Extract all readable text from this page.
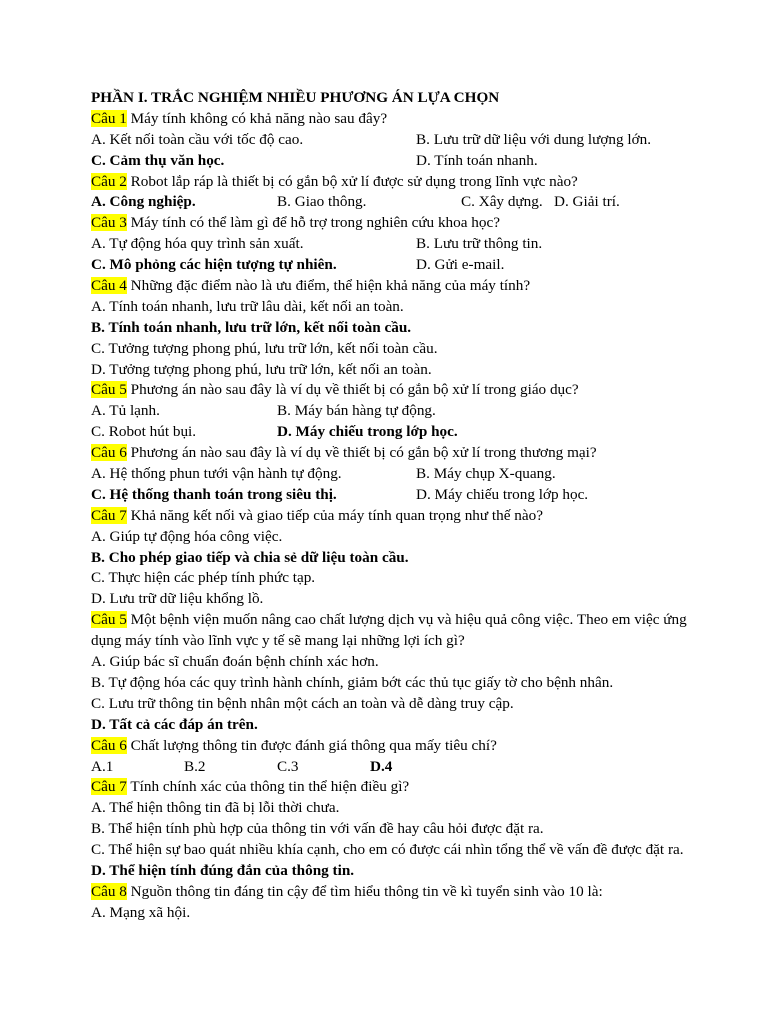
PHẦN I. TRẮC NGHIỆM NHIỀU PHƯƠNG ÁN LỰA CHỌN
Câu 1 Máy tính không có khả năng nào sau đây?
A. Kết nối toàn cầu với tốc độ cao.	B. Lưu trữ dữ liệu với dung lượng lớn.
C. Cảm thụ văn học.	D. Tính toán nhanh.
Câu 2 Robot lắp ráp là thiết bị có gắn bộ xử lí được sử dụng trong lĩnh vực nào?
A. Công nghiệp.	B. Giao thông.	C. Xây dựng. D. Giải trí.
Câu 3 Máy tính có thể làm gì để hỗ trợ trong nghiên cứu khoa học?
A. Tự động hóa quy trình sản xuất.	B. Lưu trữ thông tin.
C. Mô phỏng các hiện tượng tự nhiên.	D. Gửi e-mail.
Câu 4 Những đặc điểm nào là ưu điểm, thể hiện khả năng của máy tính?
A. Tính toán nhanh, lưu trữ lâu dài, kết nối an toàn.
B. Tính toán nhanh, lưu trữ lớn, kết nối toàn cầu.
C. Tưởng tượng phong phú, lưu trữ lớn, kết nối toàn cầu.
D. Tưởng tượng phong phú, lưu trữ lớn, kết nối an toàn.
Câu 5 Phương án nào sau đây là ví dụ về thiết bị có gắn bộ xử lí trong giáo dục?
A. Tủ lạnh.	B. Máy bán hàng tự động.
C. Robot hút bụi.	D. Máy chiếu trong lớp học.
Câu 6 Phương án nào sau đây là ví dụ về thiết bị có gắn bộ xử lí trong thương mại?
A. Hệ thống phun tưới vận hành tự động.	B. Máy chụp X-quang.
C. Hệ thống thanh toán trong siêu thị.	D. Máy chiếu trong lớp học.
Câu 7 Khả năng kết nối và giao tiếp của máy tính quan trọng như thế nào?
A. Giúp tự động hóa công việc.
B. Cho phép giao tiếp và chia sẻ dữ liệu toàn cầu.
C. Thực hiện các phép tính phức tạp.
D. Lưu trữ dữ liệu khổng lồ.
Câu 5 Một bệnh viện muốn nâng cao chất lượng dịch vụ và hiệu quả công việc. Theo em việc ứng dụng máy tính vào lĩnh vực y tế sẽ mang lại những lợi ích gì?
A. Giúp bác sĩ chuẩn đoán bệnh chính xác hơn.
B. Tự động hóa các quy trình hành chính, giảm bớt các thủ tục giấy tờ cho bệnh nhân.
C. Lưu trữ thông tin bệnh nhân một cách an toàn và dễ dàng truy cập.
D. Tất cả các đáp án trên.
Câu 6 Chất lượng thông tin được đánh giá thông qua mấy tiêu chí?
A.1	B.2	C.3	D.4
Câu 7 Tính chính xác của thông tin thể hiện điều gì?
A. Thể hiện thông tin đã bị lỗi thời chưa.
B. Thể hiện tính phù hợp của thông tin với vấn đề hay câu hỏi được đặt ra.
C. Thể hiện sự bao quát nhiều khía cạnh, cho em có được cái nhìn tổng thể về vấn đề được đặt ra.
D. Thể hiện tính đúng đắn của thông tin.
Câu 8 Nguồn thông tin đáng tin cậy để tìm hiểu thông tin về kì tuyển sinh vào 10 là:
A. Mạng xã hội.
